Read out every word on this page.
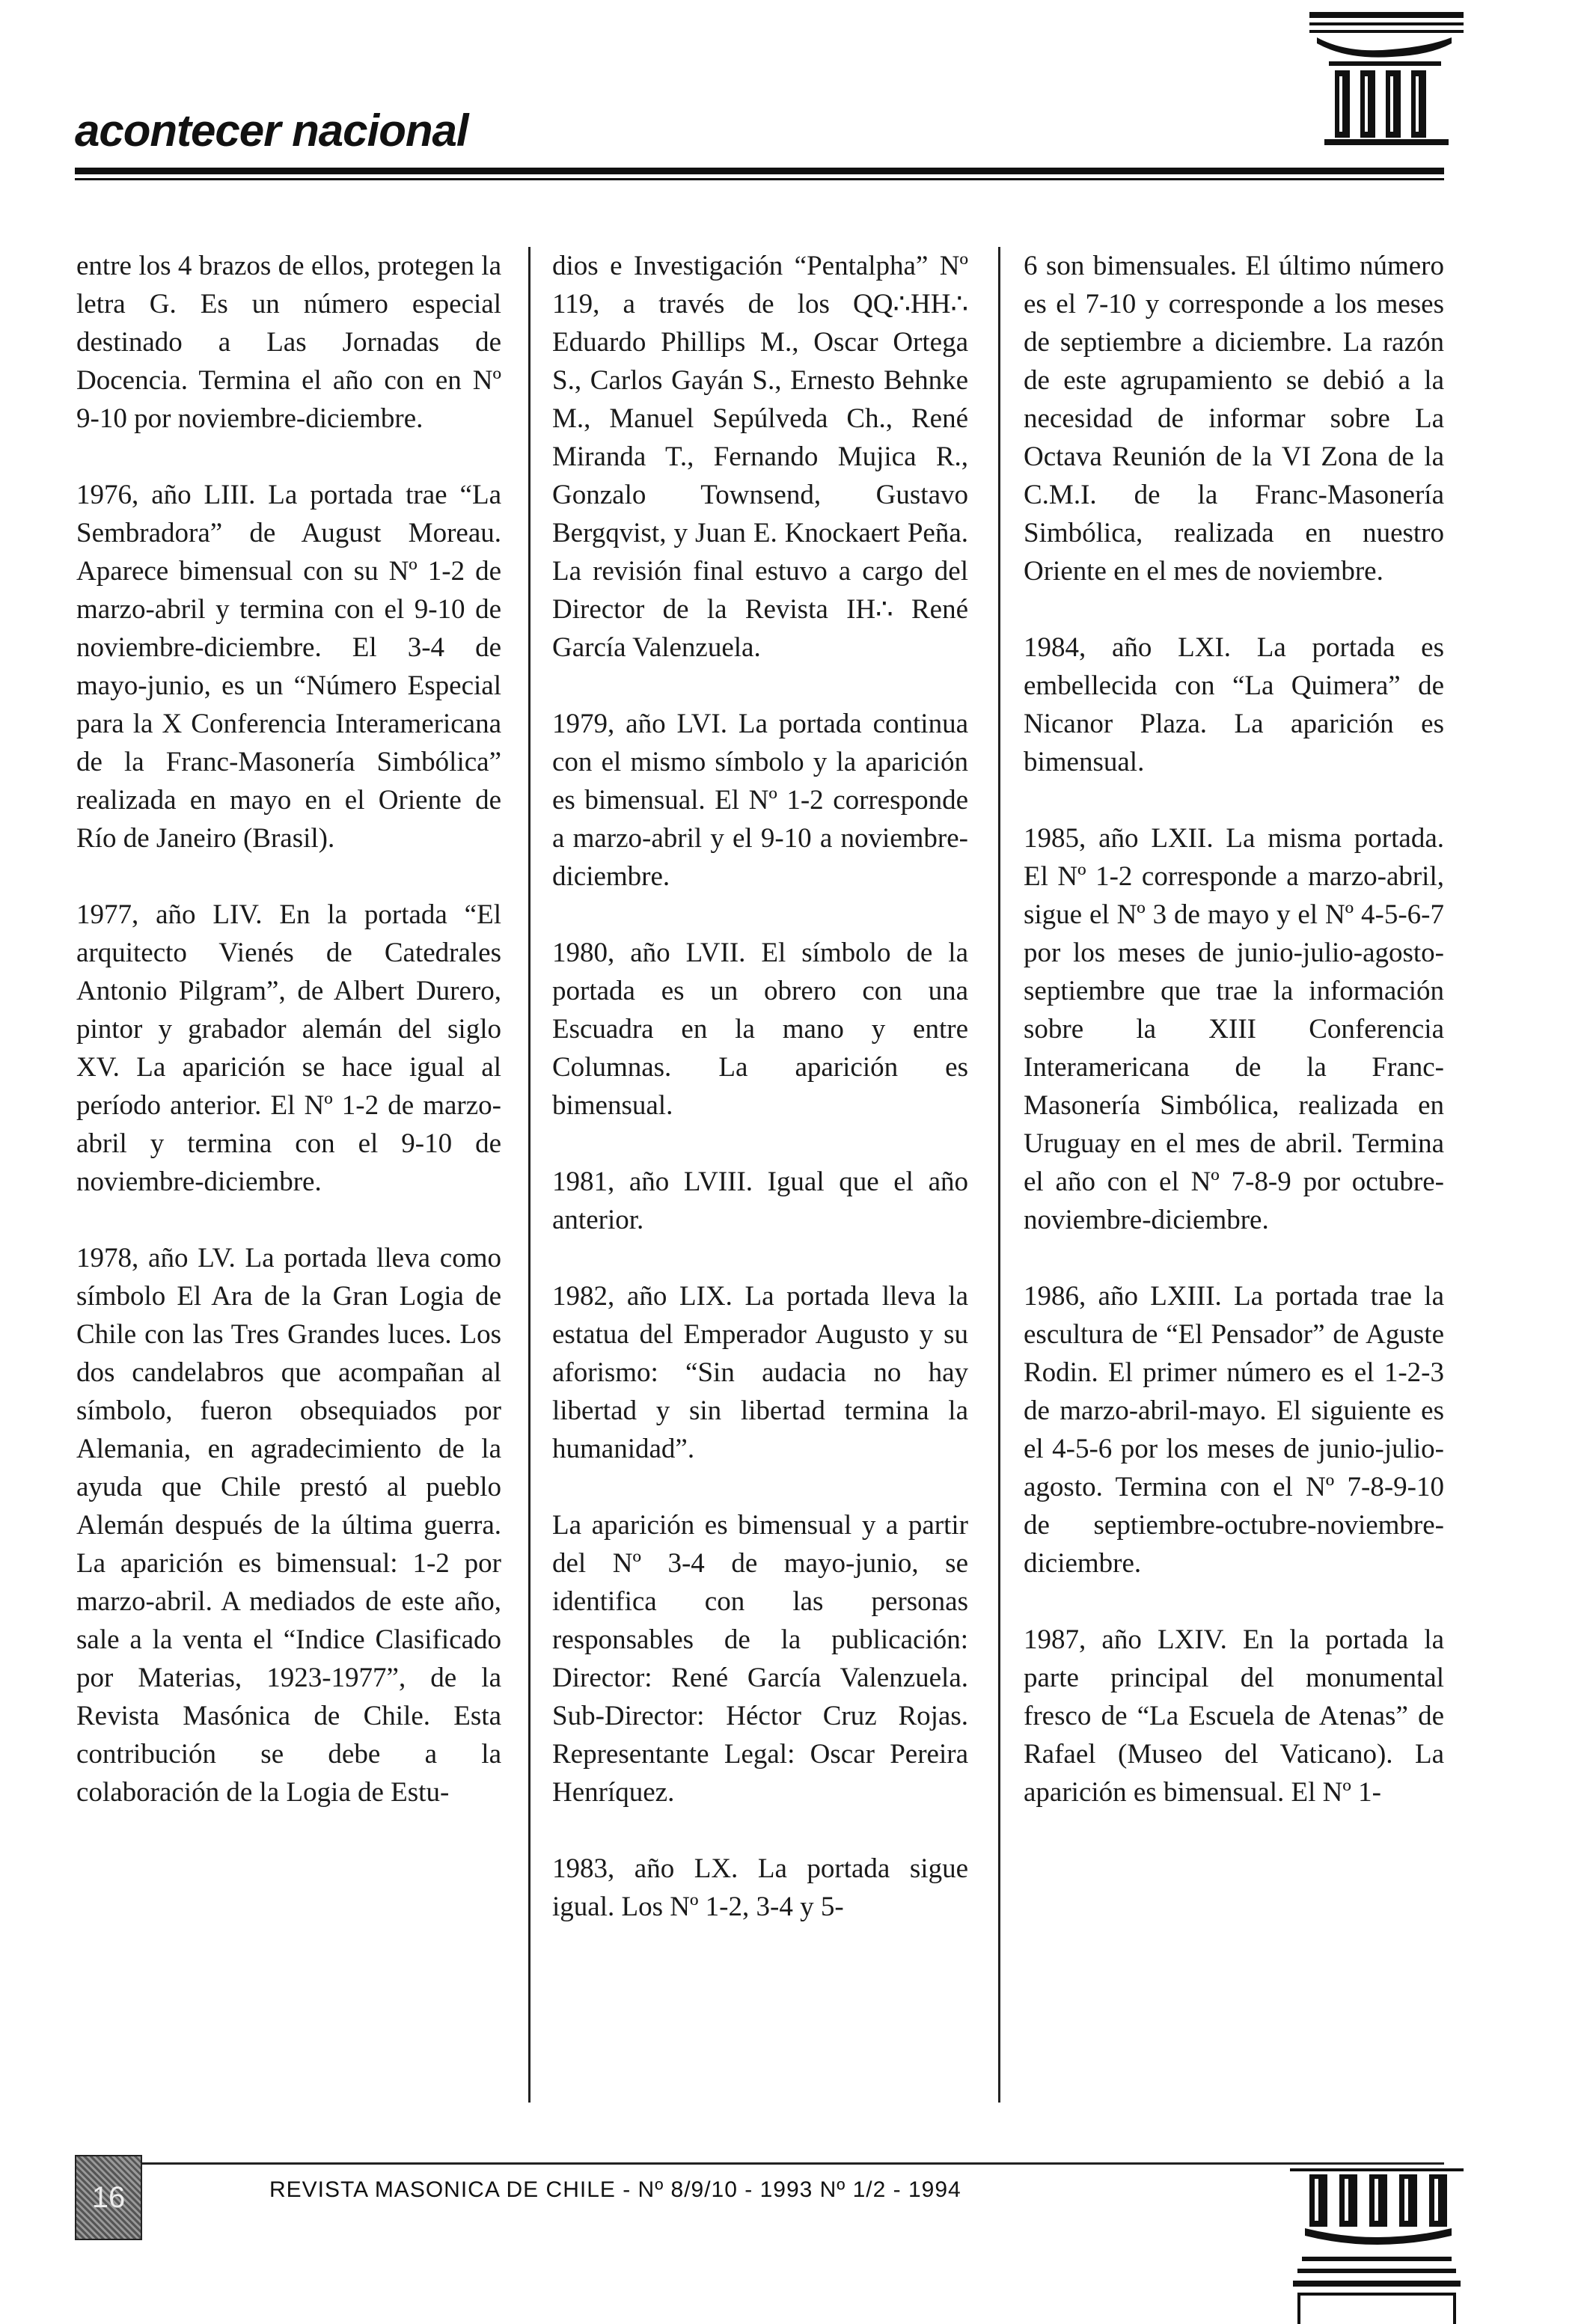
acontecer nacional

entre los 4 brazos de ellos, protegen la letra G. Es un número especial destinado a Las Jornadas de Docencia. Termina el año con en Nº 9-10 por noviembre-diciembre.

1976, año LIII. La portada trae “La Sembradora” de August Moreau. Aparece bimensual con su Nº 1-2 de marzo-abril y termina con el 9-10 de noviembre-diciembre. El 3-4 de mayo-junio, es un “Número Especial para la X Conferencia Interamericana de la Franc-Masonería Simbólica” realizada en mayo en el Oriente de Río de Janeiro (Brasil).

1977, año LIV. En la portada “El arquitecto Vienés de Catedrales Antonio Pilgram”, de Albert Durero, pintor y grabador alemán del siglo XV. La aparición se hace igual al período anterior. El Nº 1-2 de marzo-abril y termina con el 9-10 de noviembre-diciembre.

1978, año LV. La portada lleva como símbolo El Ara de la Gran Logia de Chile con las Tres Grandes luces. Los dos candelabros que acompañan al símbolo, fueron obsequiados por Alemania, en agradecimiento de la ayuda que Chile prestó al pueblo Alemán después de la última guerra. La aparición es bimensual: 1-2 por marzo-abril. A mediados de este año, sale a la venta el “Indice Clasificado por Materias, 1923-1977”, de la Revista Masónica de Chile. Esta contribución se debe a la colaboración de la Logia de Estu-

dios e Investigación “Pentalpha” Nº 119, a través de los QQ∴HH∴ Eduardo Phillips M., Oscar Ortega S., Carlos Gayán S., Ernesto Behnke M., Manuel Sepúlveda Ch., René Miranda T., Fernando Mujica R., Gonzalo Townsend, Gustavo Bergqvist, y Juan E. Knockaert Peña. La revisión final estuvo a cargo del Director de la Revista IH∴ René García Valenzuela.

1979, año LVI. La portada continua con el mismo símbolo y la aparición es bimensual. El Nº 1-2 corresponde a marzo-abril y el 9-10 a noviembre-diciembre.

1980, año LVII. El símbolo de la portada es un obrero con una Escuadra en la mano y entre Columnas. La aparición es bimensual.

1981, año LVIII. Igual que el año anterior.

1982, año LIX. La portada lleva la estatua del Emperador Augusto y su aforismo: “Sin audacia no hay libertad y sin libertad termina la humanidad”.

La aparición es bimensual y a partir del Nº 3-4 de mayo-junio, se identifica con las personas responsables de la publicación: Director: René García Valenzuela. Sub-Director: Héctor Cruz Rojas. Representante Legal: Oscar Pereira Henríquez.

1983, año LX. La portada sigue igual. Los Nº 1-2, 3-4 y 5-

6 son bimensuales. El último número es el 7-10 y corresponde a los meses de septiembre a diciembre. La razón de este agrupamiento se debió a la necesidad de informar sobre La Octava Reunión de la VI Zona de la C.M.I. de la Franc-Masonería Simbólica, realizada en nuestro Oriente en el mes de noviembre.

1984, año LXI. La portada es embellecida con “La Quimera” de Nicanor Plaza. La aparición es bimensual.

1985, año LXII. La misma portada. El Nº 1-2 corresponde a marzo-abril, sigue el Nº 3 de mayo y el Nº 4-5-6-7 por los meses de junio-julio-agosto-septiembre que trae la información sobre la XIII Conferencia Interamericana de la Franc-Masonería Simbólica, realizada en Uruguay en el mes de abril. Termina el año con el Nº 7-8-9 por octubre-noviembre-diciembre.

1986, año LXIII. La portada trae la escultura de “El Pensador” de Aguste Rodin. El primer número es el 1-2-3 de marzo-abril-mayo. El siguiente es el 4-5-6 por los meses de junio-julio-agosto. Termina con el Nº 7-8-9-10 de septiembre-octubre-noviembre-diciembre.

1987, año LXIV. En la portada la parte principal del monumental fresco de “La Escuela de Atenas” de Rafael (Museo del Vaticano). La aparición es bimensual. El Nº 1-

16	REVISTA MASONICA DE CHILE - Nº 8/9/10 - 1993 Nº 1/2 - 1994
